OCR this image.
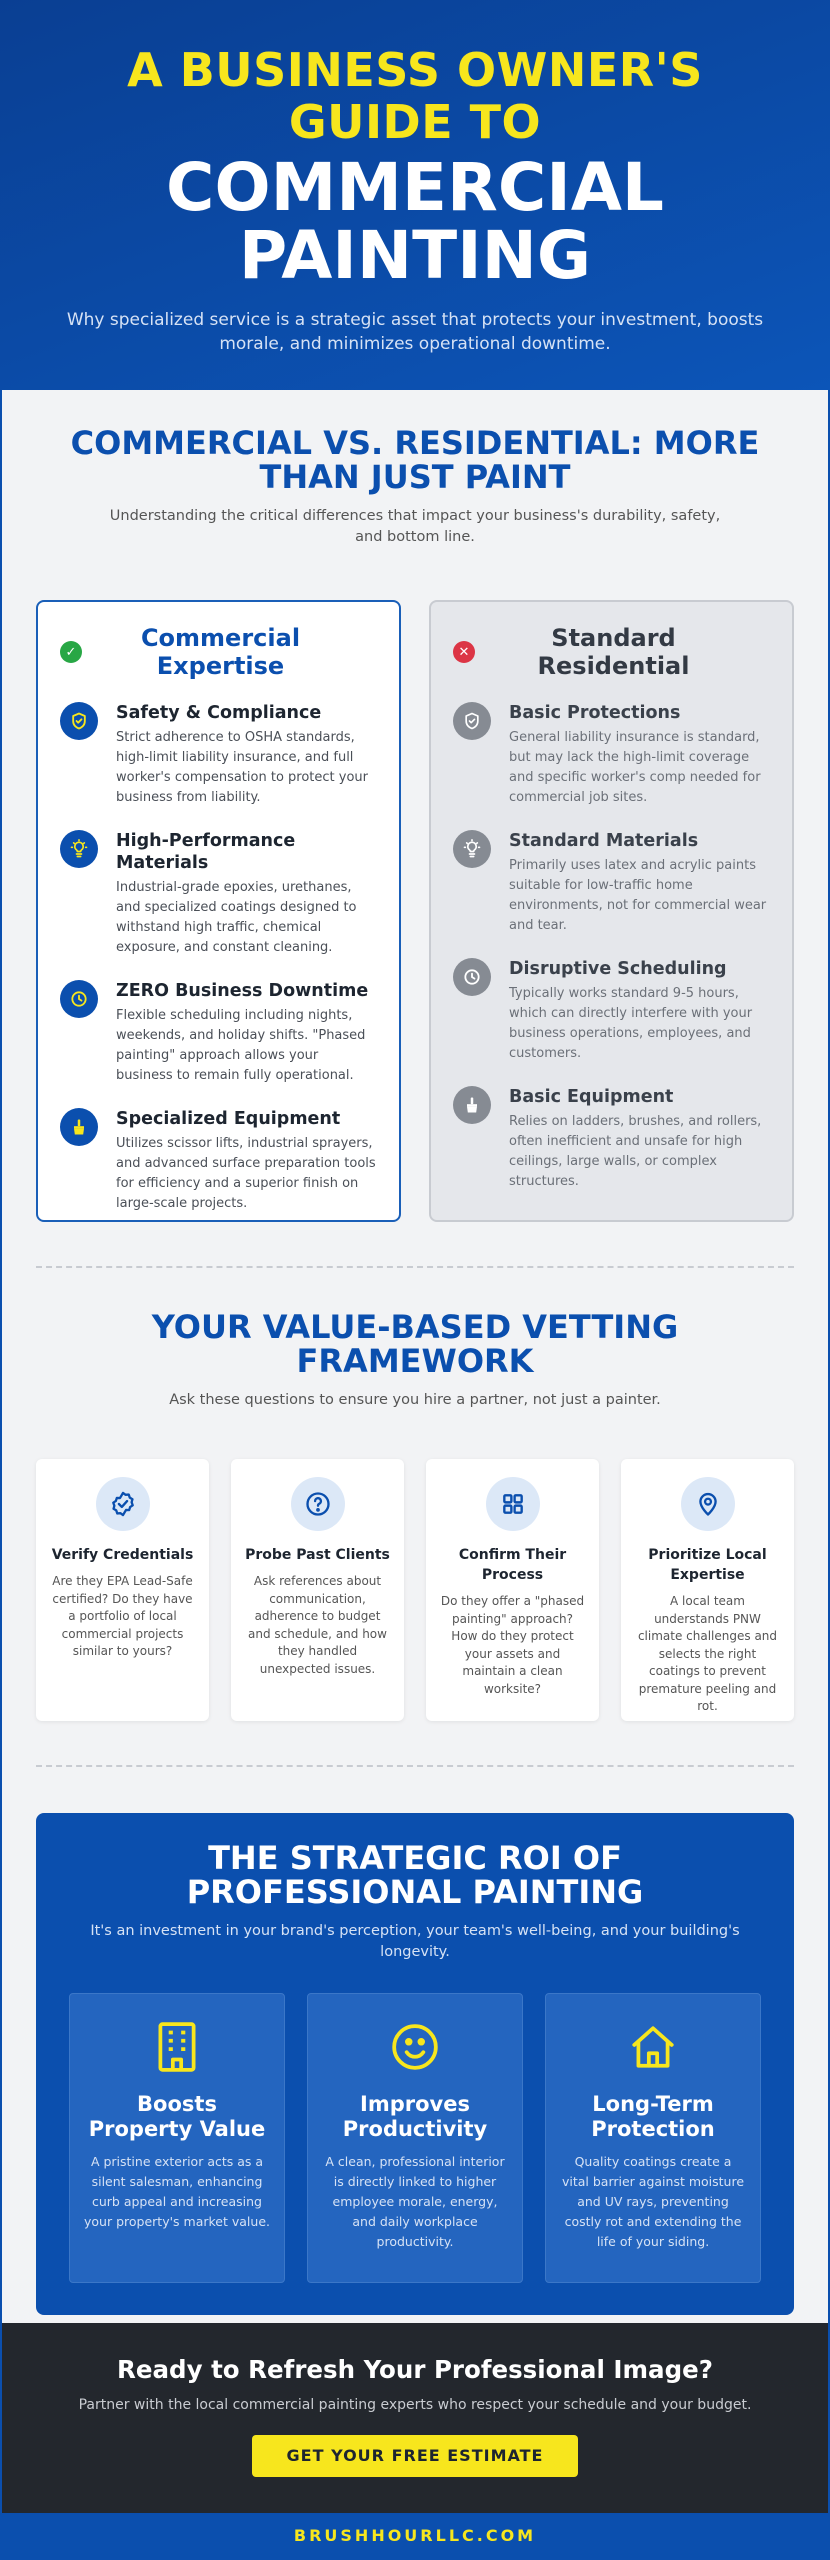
A BUSINESS OWNER'S GUIDE TO
COMMERCIAL PAINTING

Why specialized service is a strategic asset that protects your investment, boosts morale, and minimizes operational downtime.

COMMERCIAL VS. RESIDENTIAL: MORE THAN JUST PAINT

Understanding the critical differences that impact your business's durability, safety, and bottom line.

✓	Commercial Expertise
Safety & Compliance
Strict adherence to OSHA standards, high-limit liability insurance, and full worker's compensation to protect your business from liability.
High-Performance Materials
Industrial-grade epoxies, urethanes, and specialized coatings designed to withstand high traffic, chemical exposure, and constant cleaning.
ZERO Business Downtime
Flexible scheduling including nights, weekends, and holiday shifts. "Phased painting" approach allows your business to remain fully operational.
Specialized Equipment
Utilizes scissor lifts, industrial sprayers, and advanced surface preparation tools for efficiency and a superior finish on large-scale projects.
✕	Standard Residential
Basic Protections
General liability insurance is standard, but may lack the high-limit coverage and specific worker's comp needed for commercial job sites.
Standard Materials
Primarily uses latex and acrylic paints suitable for low-traffic home environments, not for commercial wear and tear.
Disruptive Scheduling
Typically works standard 9-5 hours, which can directly interfere with your business operations, employees, and customers.
Basic Equipment
Relies on ladders, brushes, and rollers, often inefficient and unsafe for high ceilings, large walls, or complex structures.
YOUR VALUE-BASED VETTING FRAMEWORK

Ask these questions to ensure you hire a partner, not just a painter.

Verify Credentials
Are they EPA Lead-Safe certified? Do they have a portfolio of local commercial projects similar to yours?
Probe Past Clients
Ask references about communication, adherence to budget and schedule, and how they handled unexpected issues.
Confirm Their Process
Do they offer a "phased painting" approach? How do they protect your assets and maintain a clean worksite?
Prioritize Local Expertise
A local team understands PNW climate challenges and selects the right coatings to prevent premature peeling and rot.
THE STRATEGIC ROI OF PROFESSIONAL PAINTING

It's an investment in your brand's perception, your team's well-being, and your building's longevity.

Boosts Property Value
A pristine exterior acts as a silent salesman, enhancing curb appeal and increasing your property's market value.
Improves Productivity
A clean, professional interior is directly linked to higher employee morale, energy, and daily workplace productivity.
Long-Term Protection
Quality coatings create a vital barrier against moisture and UV rays, preventing costly rot and extending the life of your siding.
Ready to Refresh Your Professional Image?

Partner with the local commercial painting experts who respect your schedule and your budget.

GET YOUR FREE ESTIMATE
BRUSHHOURLLC.COM
